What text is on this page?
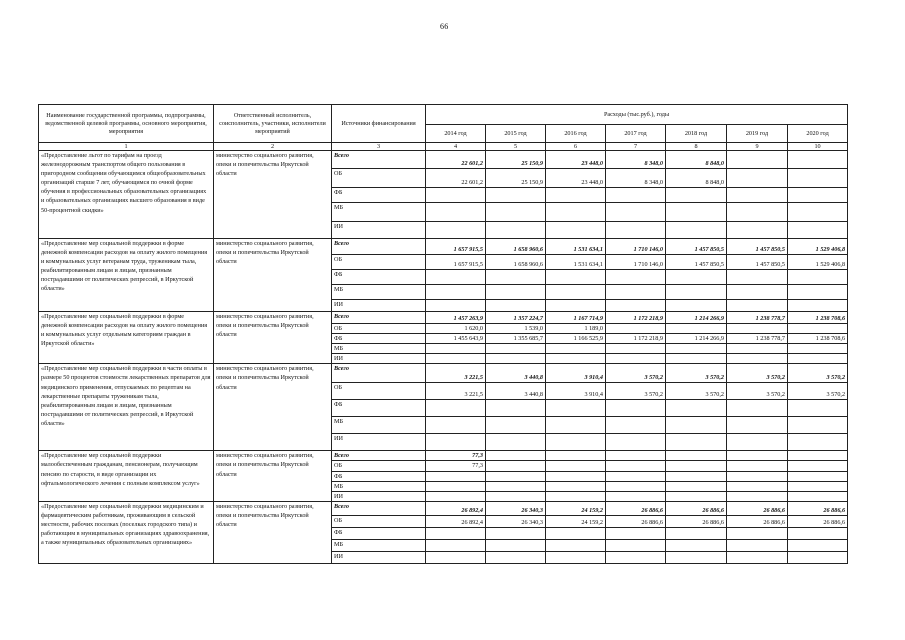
66
Наименование государственной программы, подпрограммы, ведомственной целевой программы, основного мероприятия, мероприятия	Ответственный исполнитель, соисполнитель, участники, исполнители мероприятий	Источники финансирования	Расходы (тыс.руб.), годы						
			2014 год	2015 год	2016 год	2017 год	2018 год	2019 год	2020 год
1	2	3	4	5	6	7	8	9	10
«Предоставление льгот по тарифам на проезд железнодорожным транспортом общего пользования в пригородном сообщении обучающимся общеобразовательных организаций старше 7 лет, обучающимся по очной форме обучения в профессиональных образовательных организациях и образовательных организациях высшего образования в виде 50-процентной скидки»	министерство социального развития, опеки и попечительства Иркутской области	Всего	22 601,2	25 150,9	23 448,0	8 348,0	8 848,0		
		ОБ	22 601,2	25 150,9	23 448,0	8 348,0	8 848,0		
		ФБ							
		МБ							
		ИИ							
«Предоставление мер социальной поддержки в форме денежной компенсации расходов на оплату жилого помещения и коммунальных услуг ветеранам труда, труженикам тыла, реабилитированным лицам и лицам, признанным пострадавшими от политических репрессий, в Иркутской области»	министерство социального развития, опеки и попечительства Иркутской области	Всего	1 657 915,5	1 658 960,6	1 531 634,1	1 710 146,0	1 457 850,5	1 457 850,5	1 529 406,8
		ОБ	1 657 915,5	1 658 960,6	1 531 634,1	1 710 146,0	1 457 850,5	1 457 850,5	1 529 406,8
		ФБ							
		МБ							
		ИИ							
«Предоставление мер социальной поддержки в форме денежной компенсации расходов на оплату жилого помещения и коммунальных услуг отдельным категориям граждан в Иркутской области»	министерство социального развития, опеки и попечительства Иркутской области	Всего	1 457 263,9	1 357 224,7	1 167 714,9	1 172 218,9	1 214 266,9	1 238 778,7	1 238 708,6
		ОБ	1 620,0	1 539,0	1 189,0				
		ФБ	1 455 643,9	1 355 685,7	1 166 525,9	1 172 218,9	1 214 266,9	1 238 778,7	1 238 708,6
		МБ							
		ИИ							
«Предоставление мер социальной поддержки в части оплаты в размере 50 процентов стоимости лекарственных препаратов для медицинского применения, отпускаемых по рецептам на лекарственные препараты труженикам тыла, реабилитированным лицам и лицам, признанным пострадавшими от политических репрессий, в Иркутской области»	министерство социального развития, опеки и попечительства Иркутской области	Всего	3 221,5	3 440,8	3 910,4	3 570,2	3 570,2	3 570,2	3 570,2
		ОБ	3 221,5	3 440,8	3 910,4	3 570,2	3 570,2	3 570,2	3 570,2
		ФБ							
		МБ							
		ИИ							
«Предоставление мер социальной поддержки малообеспеченным гражданам, пенсионерам, получающим пенсию по старости, в виде организации их офтальмологического лечения с полным комплексом услуг»	министерство социального развития, опеки и попечительства Иркутской области	Всего	77,3						
		ОБ	77,3						
		ФБ							
		МБ							
		ИИ							
«Предоставление мер социальной поддержки медицинским и фармацевтическим работникам, проживающим в сельской местности, рабочих поселках (поселках городского типа) и работающим в муниципальных организациях здравоохранения, а также муниципальных образовательных организациях»	министерство социального развития, опеки и попечительства Иркутской области	Всего	26 892,4	26 340,3	24 159,2	26 886,6	26 886,6	26 886,6	26 886,6
		ОБ	26 892,4	26 340,3	24 159,2	26 886,6	26 886,6	26 886,6	26 886,6
		ФБ							
		МБ							
		ИИ							
